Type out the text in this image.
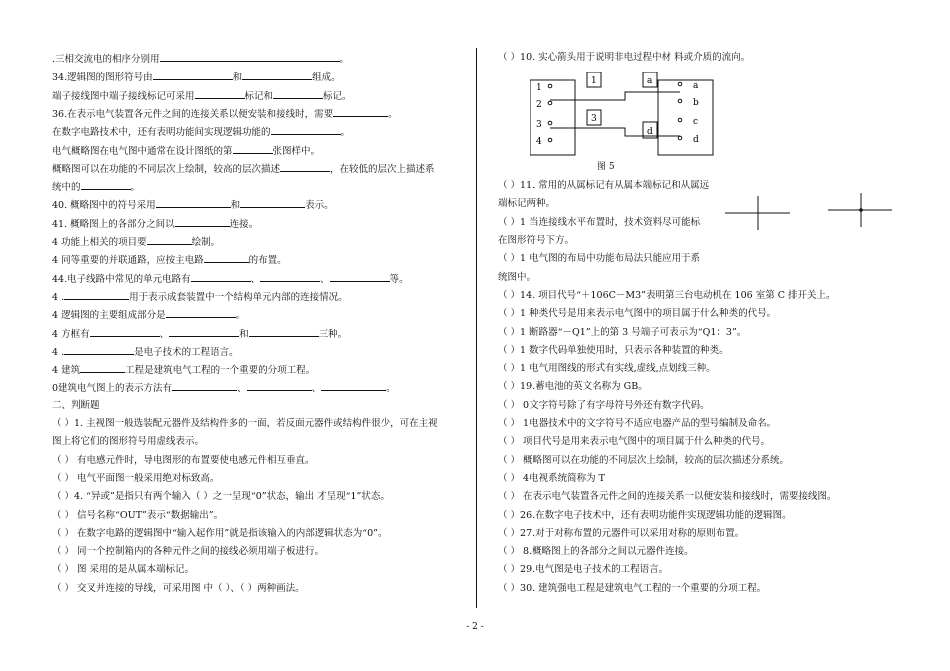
.三相交流电的相序分别用	。
34.逻辑图的图形符号由	和	组成。
端子接线图中端子接线标记可采用	标记和	标记。
36.在表示电气装置各元件之间的连接关系以便安装和接线时，需要	。
在数字电路技术中，还有表明功能间实现逻辑功能的	。
电气概略图在电气图中通常在设计图纸的第	张图样中。
概略图可以在功能的不同层次上绘制，较高的层次描述	，在较低的层次上描述系
统中的	。
40. 概略图中的符号采用	和	表示。
41. 概略图上的各部分之间以	连接。
4 功能上相关的项目要	绘制。
4 同等重要的并联通路，应按主电路	的布置。
44.电子线路中常见的单元电路有	、	、	等。
4 .	用于表示成套装置中一个结构单元内部的连接情况。
4 逻辑图的主要组成部分是	。
4 方框有	、	和	三种。
4 .	是电子技术的工程语言。
4 建筑	工程是建筑电气工程的一个重要的分项工程。
0建筑电气图上的表示方法有	、	、	。
二、判断题
（ ）1. 主视图一般选装配元器件及结构件多的一面，若反面元器件或结构件很少，可在主视
图上将它们的图形符号用虚线表示。
（ ） 有电感元件时，导电图形的布置要使电感元件相互垂直。
（ ） 电气平面图一般采用绝对标致高。
（ ）4. “异或”是指只有两个输入（ ）之一呈现“0”状态，输出 才呈现“1”状态。
（ ） 信号名称“OUT”表示“数据输出”。
（ ） 在数字电路的逻辑图中“输入起作用”就是指该输入的内部逻辑状态为“0”。
（ ） 同一个控制箱内的各种元件之间的接线必须用端子板进行。
（ ） 图 采用的是从属本端标记。
（ ） 交叉并连接的导线，可采用图 中（ ）、（ ）两种画法。
（ ）10. 实心箭头用于说明非电过程中材 料或介质的流向。
（ ）11. 常用的从属标记有从属本端标记和从属远
端标记两种。
（ ）1 当连接线水平布置时，技术资料尽可能标
在图形符号下方。
（ ）1 电气图的布局中功能布局法只能应用于系
统图中。
（ ）14. 项目代号“＋106C－M3”表明第三台电动机在 106 室第 C 排开关上。
（ ）1 种类代号是用来表示电气图中的项目属于什么种类的代号。
（ ）1 断路器“－Q1”上的第 3 号端子可表示为“Q1：3”。
（ ）1 数字代码单独使用时，只表示各种装置的种类。
（ ）1 电气用图线的形式有实线,虚线,点划线三种。
（ ）19.蓄电池的英文名称为 GB。
（ ） 0文字符号除了有字母符号外还有数字代码。
（ ） 1电器技术中的文字符号不适应电器产品的型号编制及命名。
（ ） 项目代号是用来表示电气图中的项目属于什么种类的代号。
（ ） 概略图可以在功能的不同层次上绘制，较高的层次描述分系统。
（ ） 4电视系统简称为 T
（ ） 在表示电气装置各元件之间的连接关系一以便安装和接线时，需要接线图。
（ ）26.在数字电子技术中，还有表明功能件实现逻辑功能的逻辑图。
（ ）27.对于对称布置的元器件可以采用对称的原则布置。
（ ） 8.概略图上的各部分之间以元器件连接。
（ ）29.电气图是电子技术的工程语言。
（ ）30. 建筑强电工程是建筑电气工程的一个重要的分项工程。
1
2
3
4
a
b
c
d
1	a
3
d
图 5
- 2 -
